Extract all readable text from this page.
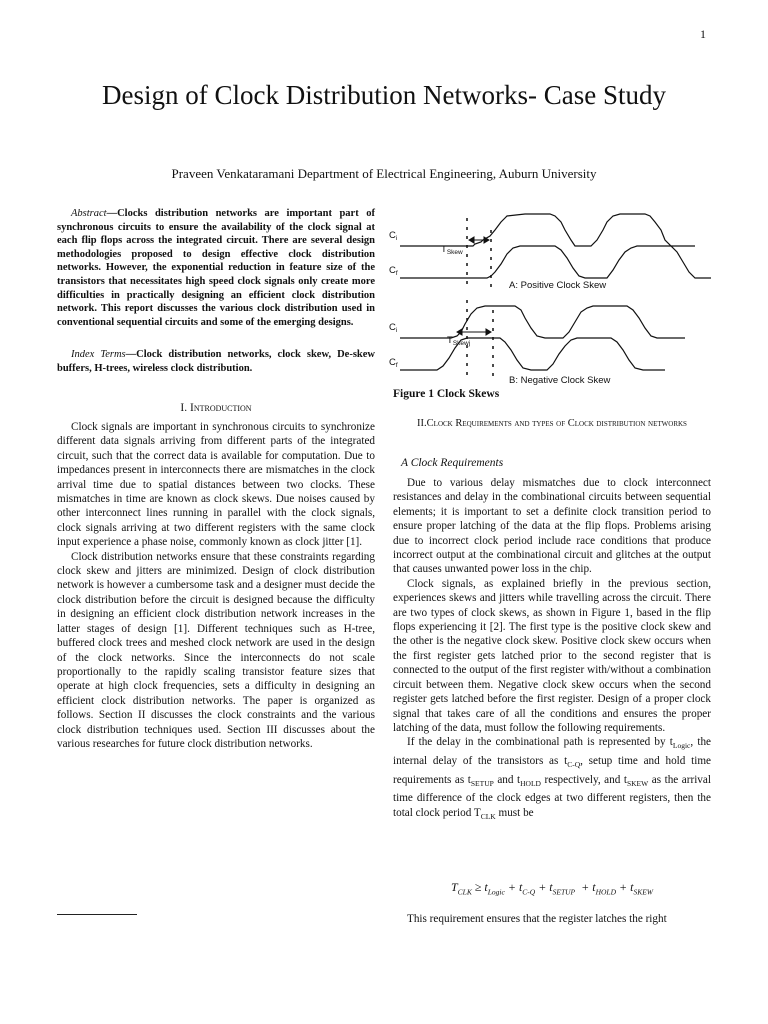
1
Design of Clock Distribution Networks- Case Study
Praveen Venkataramani Department of Electrical Engineering, Auburn University

Abstract—Clocks distribution networks are important part of synchronous circuits to ensure the availability of the clock signal at each flip flops across the integrated circuit. There are several design methodologies proposed to design effective clock distribution networks. However, the exponential reduction in feature size of the transistors that necessitates high speed clock signals only create more difficulties in practically designing an efficient clock distribution network. This report discusses the various clock distribution used in conventional sequential circuits and some of the emerging designs.

Index Terms—Clock distribution networks, clock skew, De-skew buffers, H-trees, wireless clock distribution.

I. Introduction

Clock signals are important in synchronous circuits to synchronize different data signals arriving from different parts of the integrated circuit, such that the correct data is available for computation. Due to impedances present in interconnects there are mismatches in the clock arrival time due to spatial distances between two clocks. These mismatches in time are known as clock skews. Due noises caused by other interconnect lines running in parallel with the clock signals, clock signals arriving at two different registers with the same clock input experience a phase noise, commonly known as clock jitter [1].

Clock distribution networks ensure that these constraints regarding clock skew and jitters are minimized. Design of clock distribution network is however a cumbersome task and a designer must decide the clock distribution before the circuit is designed because the difficulty in designing an efficient clock distribution network increases in the latter stages of design [1]. Different techniques such as H-tree, buffered clock trees and meshed clock network are used in the design of the clock networks. Since the interconnects do not scale proportionally to the rapidly scaling transistor feature sizes that operate at high clock frequencies, sets a difficulty in designing an efficient clock distribution networks. The paper is organized as follows. Section II discusses the clock constraints and the various clock distribution techniques used. Section III discusses about the various researches for future clock distribution networks.

$C_i$
$T_{Skew}$
$C_f$
A: Positive Clock Skew
$C_i$
$T_{Skewj}$
$C_f$
B: Negative Clock Skew
Figure 1 Clock Skews
II.Clock Requirements and types of Clock distribution networks
A Clock Requirements

Due to various delay mismatches due to clock interconnect resistances and delay in the combinational circuits between sequential elements; it is important to set a definite clock transition period to ensure proper latching of the data at the flip flops. Problems arising due to incorrect clock period include race conditions that produce incorrect output at the combinational circuit and glitches at the output that causes unwanted power loss in the chip.

Clock signals, as explained briefly in the previous section, experiences skews and jitters while travelling across the circuit. There are two types of clock skews, as shown in Figure 1, based in the flip flops experiencing it [2]. The first type is the positive clock skew and the other is the negative clock skew. Positive clock skew occurs when the first register gets latched prior to the second register that is connected to the output of the first register with/without a combination circuit between them. Negative clock skew occurs when the second register gets latched before the first register. Design of a proper clock signal that takes care of all the conditions and ensures the proper latching of the data, must follow the following requirements.

If the delay in the combinational path is represented by $t_{Logic}$, the internal delay of the transistors as $t_{C-Q}$, setup time and hold time requirements as $t_{SETUP}$ and $t_{HOLD}$ respectively, and $t_{SKEW}$ as the arrival time difference of the clock edges at two different registers, then the total clock period $T_{CLK}$ must be

$T_{CLK} \ge t_{Logic} + t_{C-Q} + t_{SETUP} + t_{HOLD} + t_{SKEW}$

This requirement ensures that the register latches the right
